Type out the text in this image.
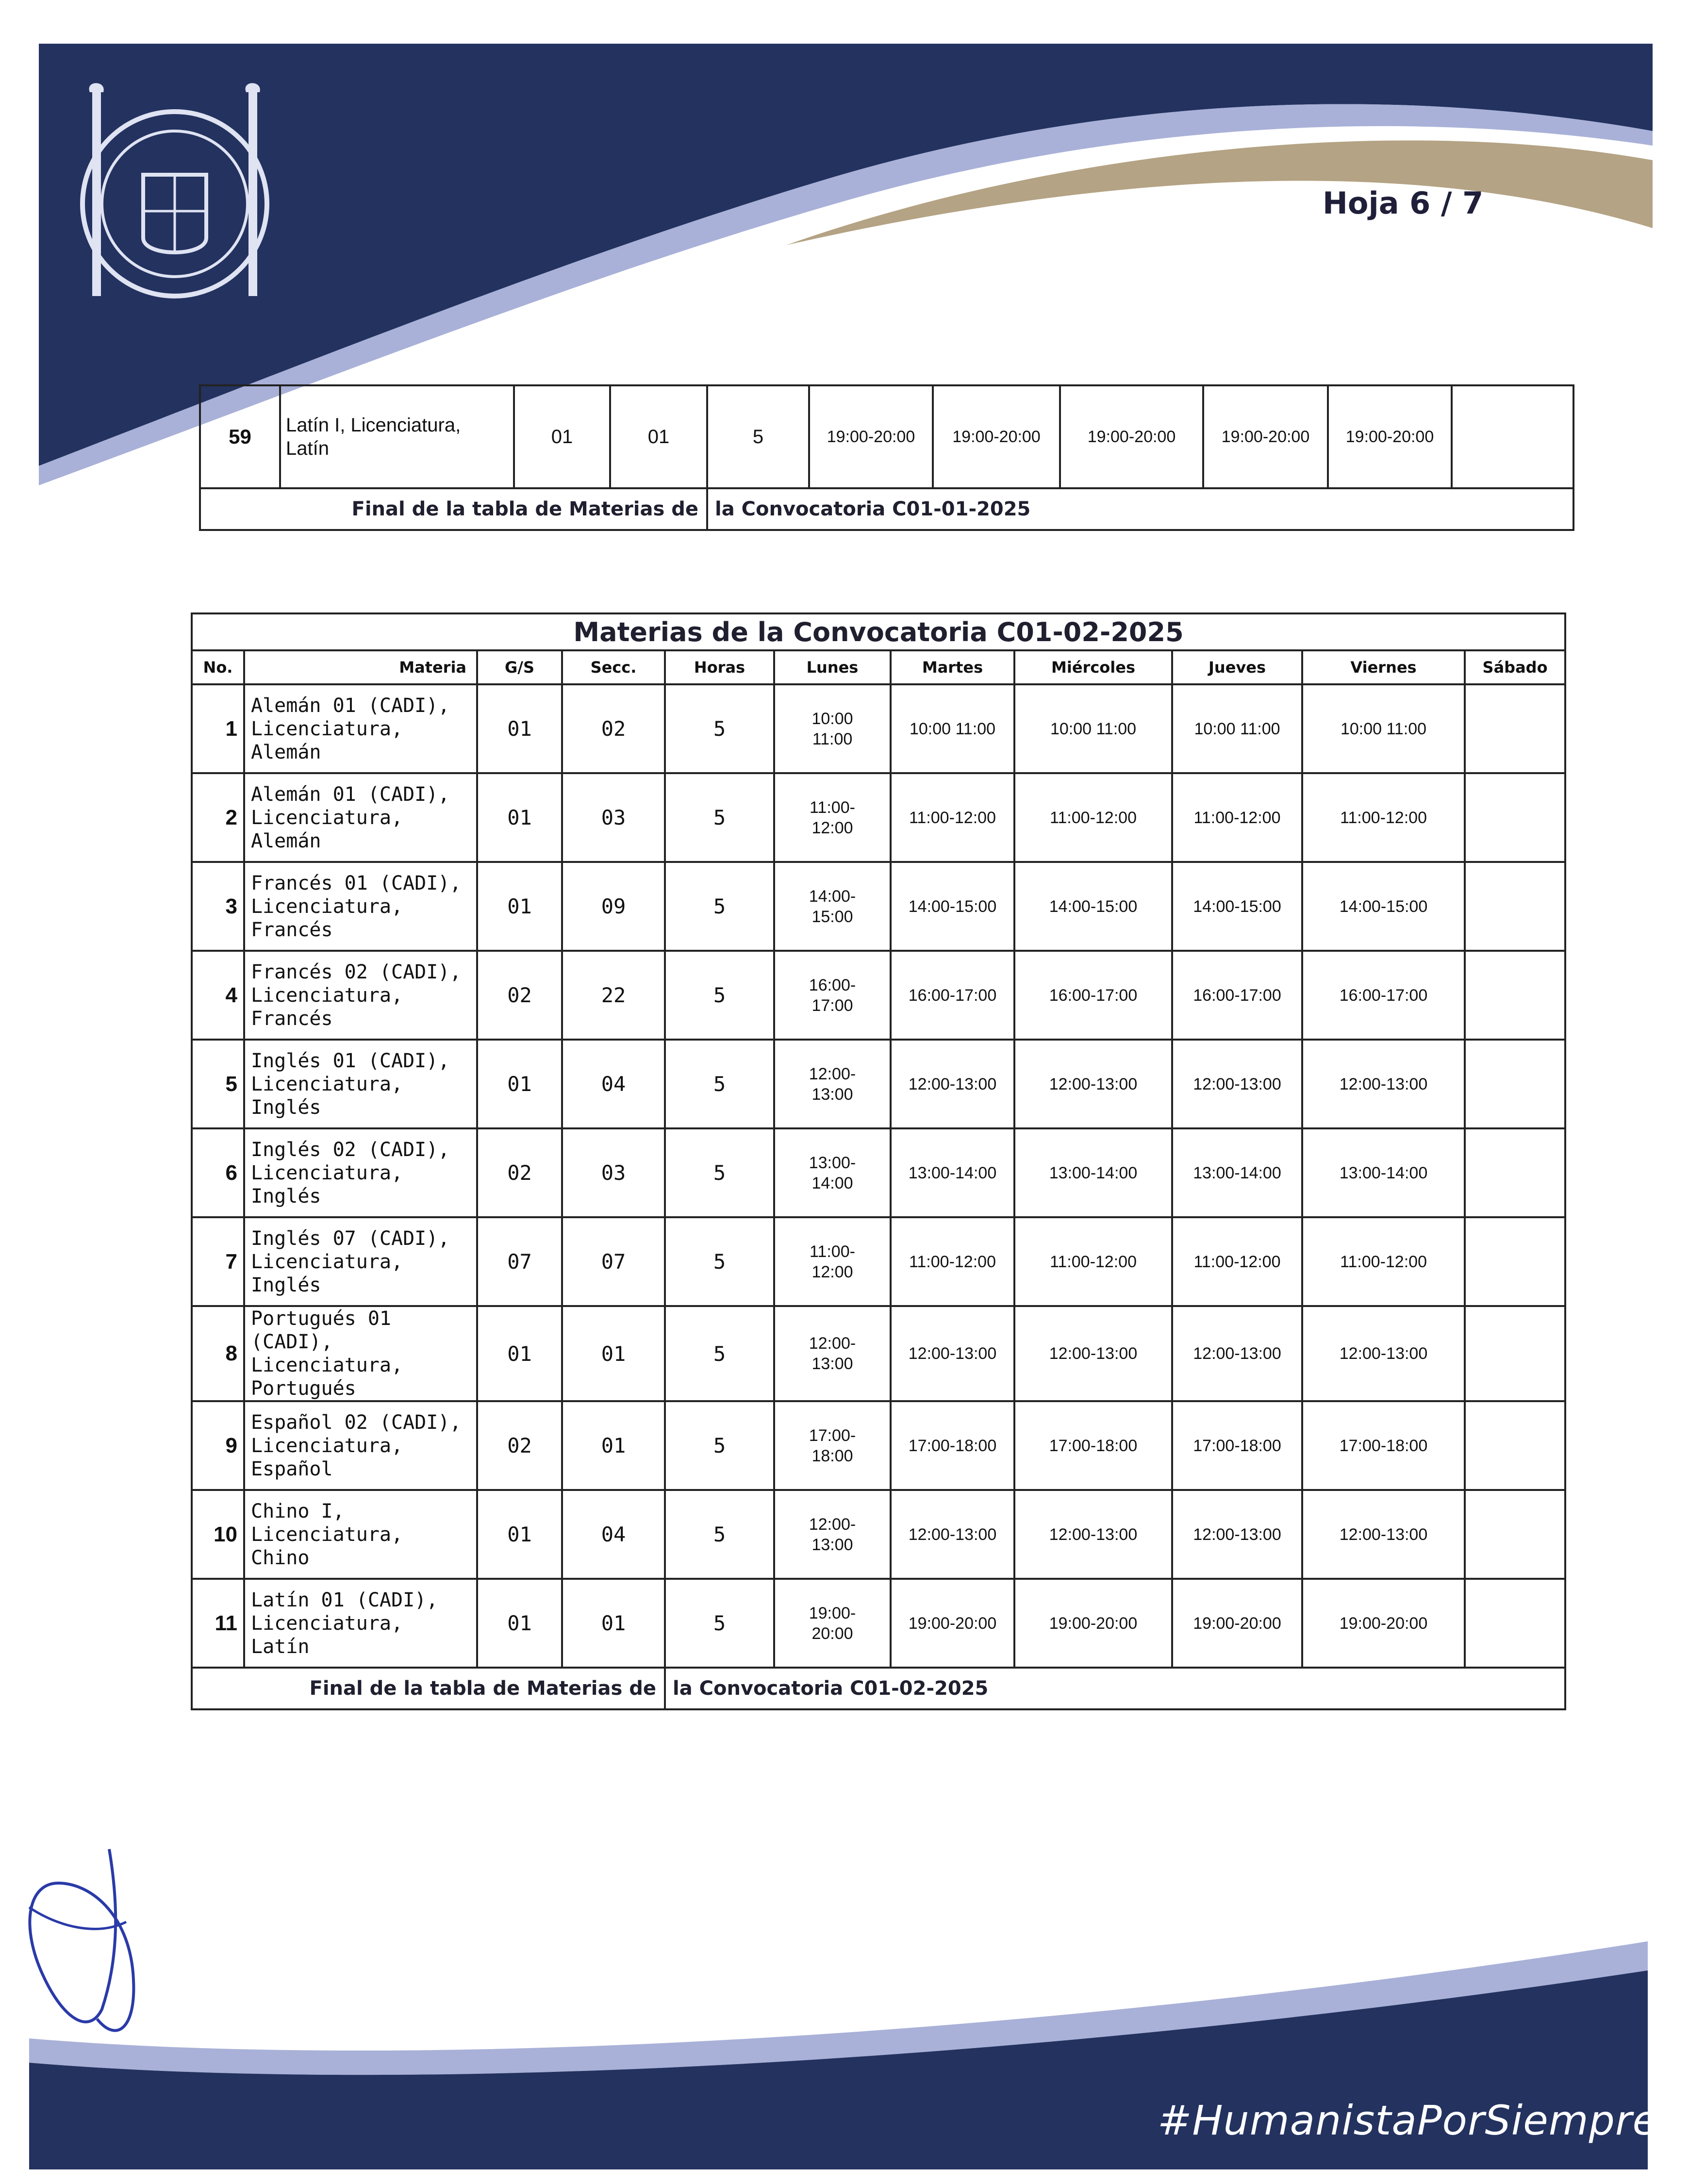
Hoja 6 / 7
59	Latín I, Licenciatura, Latín	01	01	5	19:00-20:00	19:00-20:00	19:00-20:00	19:00-20:00	19:00-20:00	
Final de la tabla de Materias de				la Convocatoria C01-01-2025						
Materias de la Convocatoria C01-02-2025										
No.	Materia	G/S	Secc.	Horas	Lunes	Martes	Miércoles	Jueves	Viernes	Sábado
1	Alemán 01 (CADI), Licenciatura, Alemán	01	02	5	10:00 11:00	10:00 11:00	10:00 11:00	10:00 11:00	10:00 11:00	
2	Alemán 01 (CADI), Licenciatura, Alemán	01	03	5	11:00-12:00	11:00-12:00	11:00-12:00	11:00-12:00	11:00-12:00	
3	Francés 01 (CADI), Licenciatura, Francés	01	09	5	14:00-15:00	14:00-15:00	14:00-15:00	14:00-15:00	14:00-15:00	
4	Francés 02 (CADI), Licenciatura, Francés	02	22	5	16:00-17:00	16:00-17:00	16:00-17:00	16:00-17:00	16:00-17:00	
5	Inglés 01 (CADI), Licenciatura, Inglés	01	04	5	12:00-13:00	12:00-13:00	12:00-13:00	12:00-13:00	12:00-13:00	
6	Inglés 02 (CADI), Licenciatura, Inglés	02	03	5	13:00-14:00	13:00-14:00	13:00-14:00	13:00-14:00	13:00-14:00	
7	Inglés 07 (CADI), Licenciatura, Inglés	07	07	5	11:00-12:00	11:00-12:00	11:00-12:00	11:00-12:00	11:00-12:00	
8	Portugués 01 (CADI), Licenciatura, Portugués	01	01	5	12:00-13:00	12:00-13:00	12:00-13:00	12:00-13:00	12:00-13:00	
9	Español 02 (CADI), Licenciatura, Español	02	01	5	17:00-18:00	17:00-18:00	17:00-18:00	17:00-18:00	17:00-18:00	
10	Chino I, Licenciatura, Chino	01	04	5	12:00-13:00	12:00-13:00	12:00-13:00	12:00-13:00	12:00-13:00	
11	Latín 01 (CADI), Licenciatura, Latín	01	01	5	19:00-20:00	19:00-20:00	19:00-20:00	19:00-20:00	19:00-20:00	
Final de la tabla de Materias de				la Convocatoria C01-02-2025						
#HumanistaPorSiempre
